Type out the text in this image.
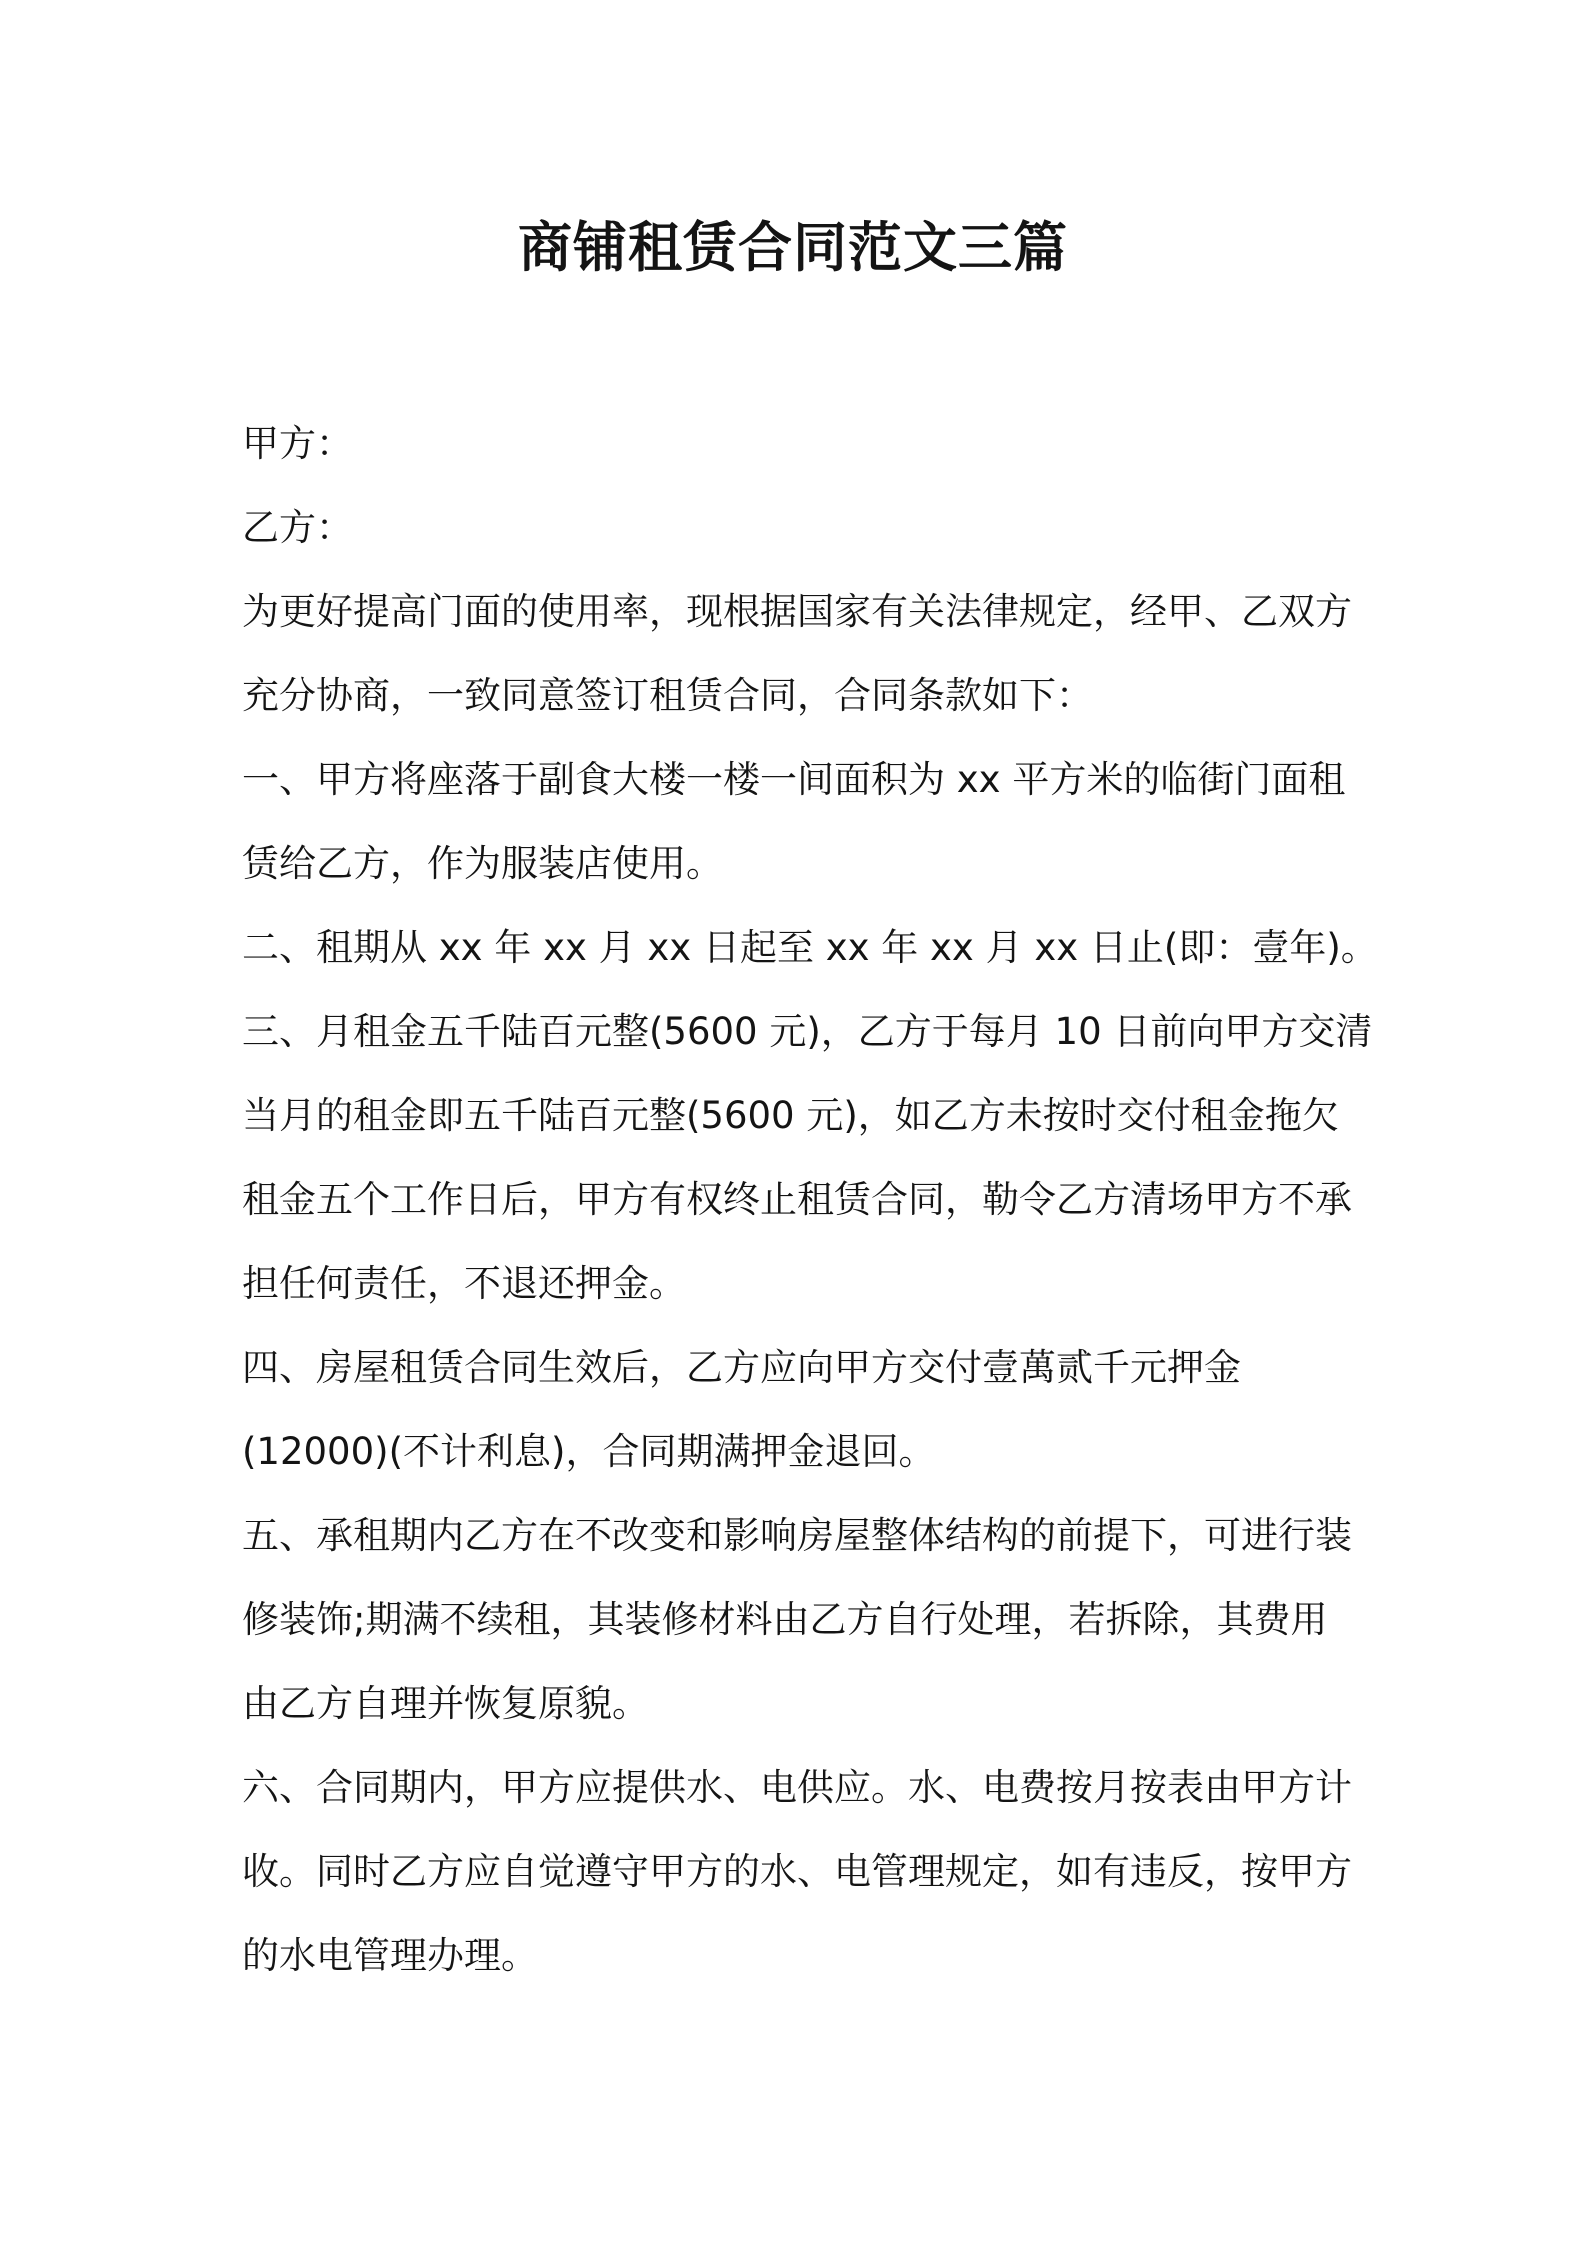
商铺租赁合同范文三篇

甲方：

乙方：

为更好提高门面的使用率，现根据国家有关法律规定，经甲、乙双方
充分协商，一致同意签订租赁合同，合同条款如下：

一、甲方将座落于副食大楼一楼一间面积为 xx 平方米的临街门面租
赁给乙方，作为服装店使用。

二、租期从 xx 年 xx 月 xx 日起至 xx 年 xx 月 xx 日止(即：壹年)。

三、月租金五千陆百元整(5600 元)，乙方于每月 10 日前向甲方交清
当月的租金即五千陆百元整(5600 元)，如乙方未按时交付租金拖欠
租金五个工作日后，甲方有权终止租赁合同，勒令乙方清场甲方不承
担任何责任，不退还押金。

四、房屋租赁合同生效后，乙方应向甲方交付壹萬贰千元押金
(12000)(不计利息)，合同期满押金退回。

五、承租期内乙方在不改变和影响房屋整体结构的前提下，可进行装
修装饰;期满不续租，其装修材料由乙方自行处理，若拆除，其费用
由乙方自理并恢复原貌。

六、合同期内，甲方应提供水、电供应。水、电费按月按表由甲方计
收。同时乙方应自觉遵守甲方的水、电管理规定，如有违反，按甲方
的水电管理办理。
